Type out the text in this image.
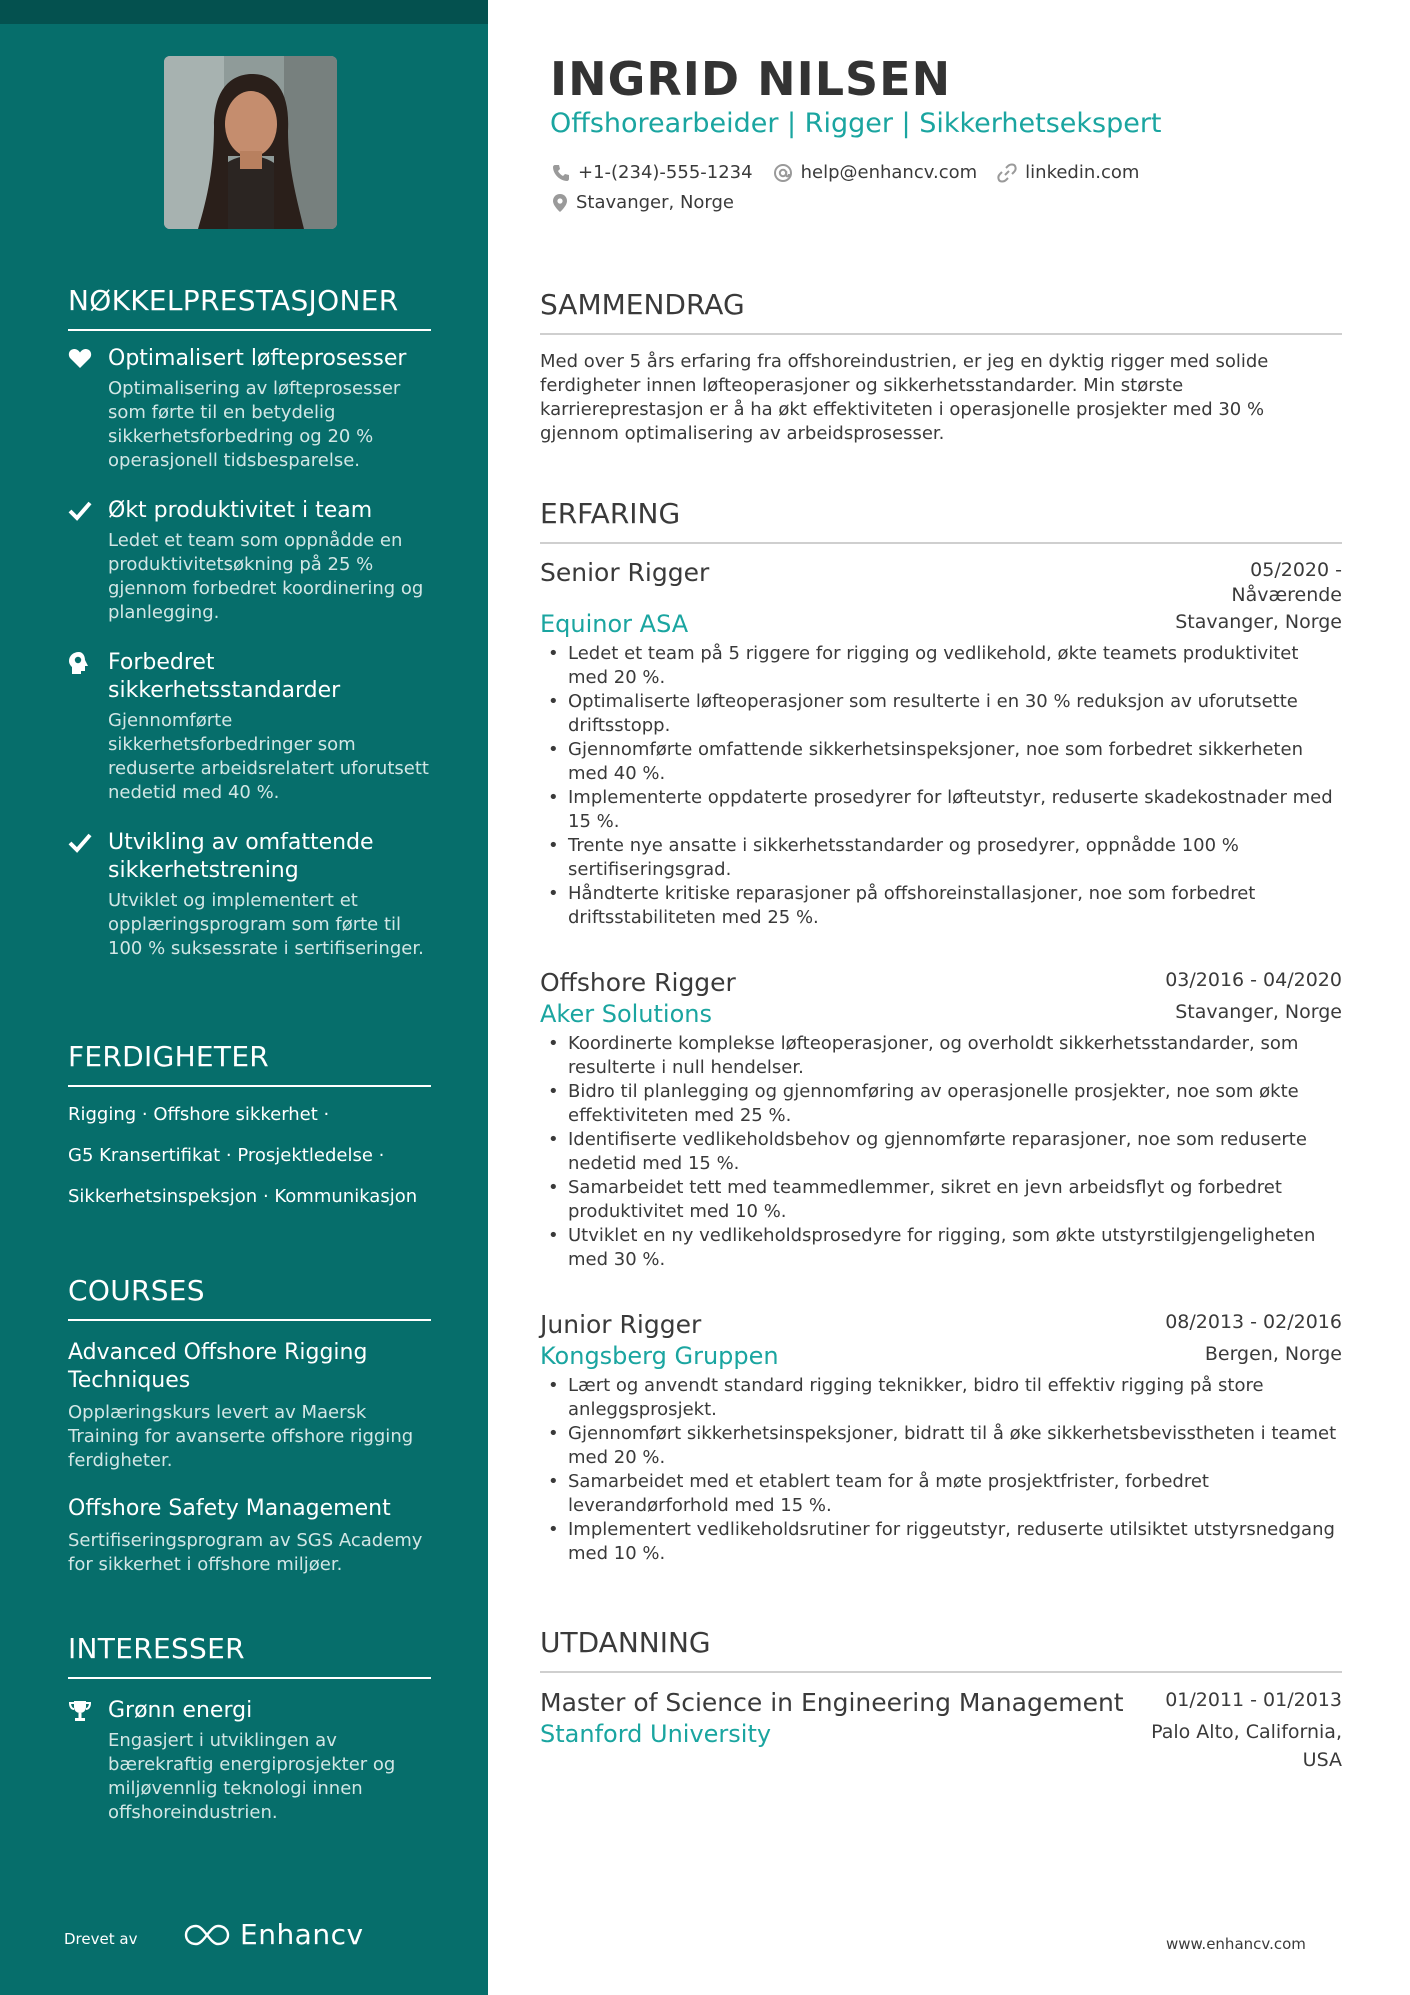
NØKKELPRESTASJONER
Optimalisert løfteprosesser
Optimalisering av løfteprosesser som førte til en betydelig sikkerhetsforbedring og 20 % operasjonell tidsbesparelse.
Økt produktivitet i team
Ledet et team som oppnådde en produktivitetsøkning på 25 % gjennom forbedret koordinering og planlegging.
Forbedret sikkerhetsstandarder
Gjennomførte sikkerhetsforbedringer som reduserte arbeidsrelatert uforutsett nedetid med 40 %.
Utvikling av omfattende sikkerhetstrening
Utviklet og implementert et opplæringsprogram som førte til 100 % suksessrate i sertifiseringer.
FERDIGHETER
Rigging · Offshore sikkerhet ·
G5 Kransertifikat · Prosjektledelse ·
Sikkerhetsinspeksjon · Kommunikasjon
COURSES
Advanced Offshore Rigging Techniques
Opplæringskurs levert av Maersk Training for avanserte offshore rigging ferdigheter.
Offshore Safety Management
Sertifiseringsprogram av SGS Academy for sikkerhet i offshore miljøer.
INTERESSER
Grønn energi
Engasjert i utviklingen av bærekraftig energiprosjekter og miljøvennlig teknologi innen offshoreindustrien.
Drevet av	Enhancv
INGRID NILSEN
Offshorearbeider | Rigger | Sikkerhetsekspert
+1-(234)-555-1234	help@enhancv.com	linkedin.com
Stavanger, Norge
SAMMENDRAG
Med over 5 års erfaring fra offshoreindustrien, er jeg en dyktig rigger med solide ferdigheter innen løfteoperasjoner og sikkerhetsstandarder. Min største karriereprestasjon er å ha økt effektiviteten i operasjonelle prosjekter med 30 % gjennom optimalisering av arbeidsprosesser.
ERFARING
Senior Rigger	05/2020 - Nåværende
Equinor ASA	Stavanger, Norge
• Ledet et team på 5 riggere for rigging og vedlikehold, økte teamets produktivitet med 20 %.
• Optimaliserte løfteoperasjoner som resulterte i en 30 % reduksjon av uforutsette driftsstopp.
• Gjennomførte omfattende sikkerhetsinspeksjoner, noe som forbedret sikkerheten med 40 %.
• Implementerte oppdaterte prosedyrer for løfteutstyr, reduserte skadekostnader med 15 %.
• Trente nye ansatte i sikkerhetsstandarder og prosedyrer, oppnådde 100 % sertifiseringsgrad.
• Håndterte kritiske reparasjoner på offshoreinstallasjoner, noe som forbedret driftsstabiliteten med 25 %.
Offshore Rigger	03/2016 - 04/2020
Aker Solutions	Stavanger, Norge
• Koordinerte komplekse løfteoperasjoner, og overholdt sikkerhetsstandarder, som resulterte i null hendelser.
• Bidro til planlegging og gjennomføring av operasjonelle prosjekter, noe som økte effektiviteten med 25 %.
• Identifiserte vedlikeholdsbehov og gjennomførte reparasjoner, noe som reduserte nedetid med 15 %.
• Samarbeidet tett med teammedlemmer, sikret en jevn arbeidsflyt og forbedret produktivitet med 10 %.
• Utviklet en ny vedlikeholdsprosedyre for rigging, som økte utstyrstilgjengeligheten med 30 %.
Junior Rigger	08/2013 - 02/2016
Kongsberg Gruppen	Bergen, Norge
• Lært og anvendt standard rigging teknikker, bidro til effektiv rigging på store anleggsprosjekt.
• Gjennomført sikkerhetsinspeksjoner, bidratt til å øke sikkerhetsbevisstheten i teamet med 20 %.
• Samarbeidet med et etablert team for å møte prosjektfrister, forbedret leverandørforhold med 15 %.
• Implementert vedlikeholdsrutiner for riggeutstyr, reduserte utilsiktet utstyrsnedgang med 10 %.
UTDANNING
Master of Science in Engineering Management 01/2011 - 01/2013
Stanford University	Palo Alto, California, USA
www.enhancv.com
